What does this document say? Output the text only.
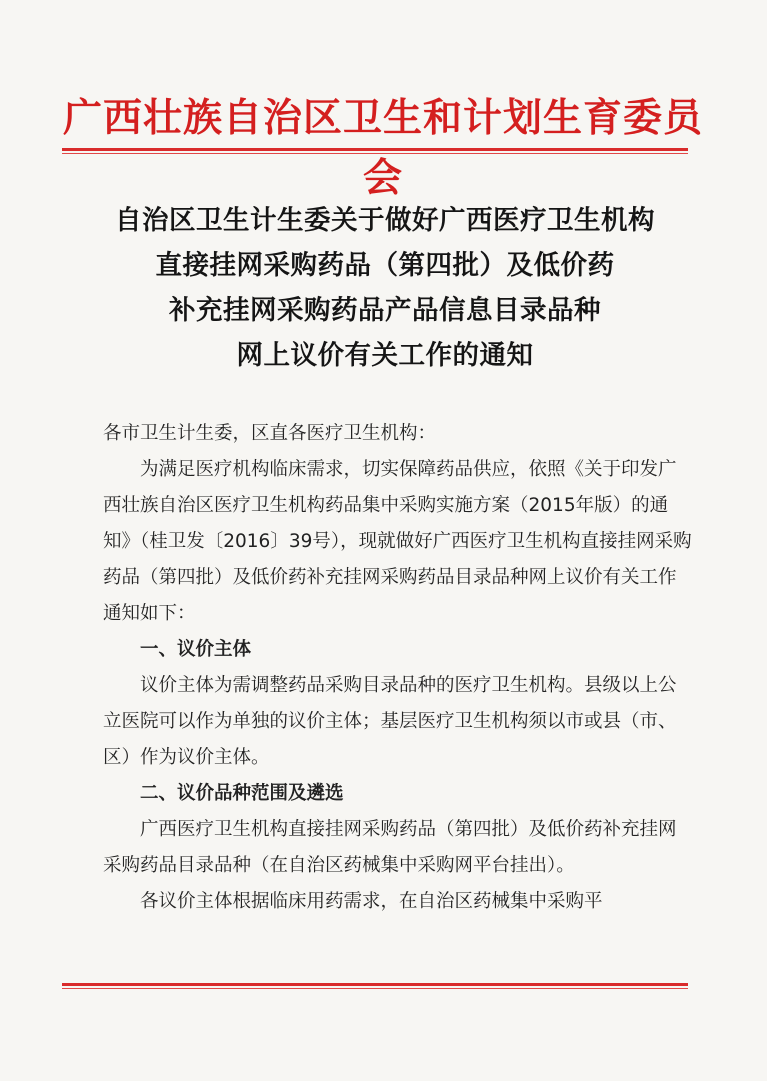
广西壮族自治区卫生和计划生育委员会
自治区卫生计生委关于做好广西医疗卫生机构
直接挂网采购药品（第四批）及低价药
补充挂网采购药品产品信息目录品种
网上议价有关工作的通知

各市卫生计生委，区直各医疗卫生机构：

为满足医疗机构临床需求，切实保障药品供应，依照《关于印发广西壮族自治区医疗卫生机构药品集中采购实施方案（2015年版）的通知》（桂卫发〔2016〕39号），现就做好广西医疗卫生机构直接挂网采购药品（第四批）及低价药补充挂网采购药品目录品种网上议价有关工作通知如下：

一、议价主体

议价主体为需调整药品采购目录品种的医疗卫生机构。县级以上公立医院可以作为单独的议价主体；基层医疗卫生机构须以市或县（市、区）作为议价主体。

二、议价品种范围及遴选

广西医疗卫生机构直接挂网采购药品（第四批）及低价药补充挂网采购药品目录品种（在自治区药械集中采购网平台挂出）。

各议价主体根据临床用药需求，在自治区药械集中采购平
